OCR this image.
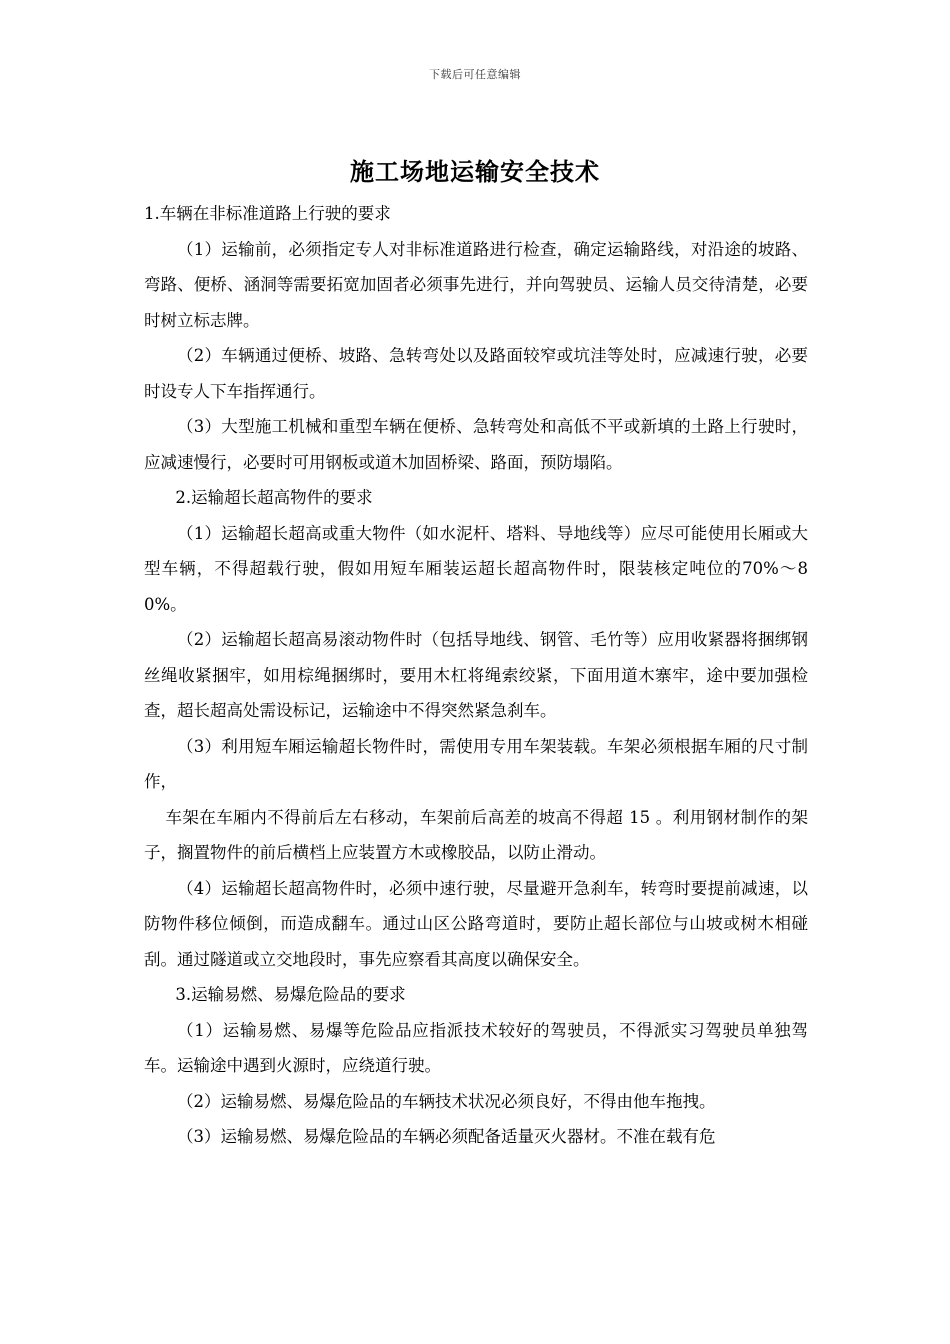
下载后可任意编辑
施工场地运输安全技术

1.车辆在非标准道路上行驶的要求

（1）运输前，必须指定专人对非标准道路进行检查，确定运输路线，对沿途的坡路、弯路、便桥、涵洞等需要拓宽加固者必须事先进行，并向驾驶员、运输人员交待清楚，必要时树立标志牌。

（2）车辆通过便桥、坡路、急转弯处以及路面较窄或坑洼等处时，应减速行驶，必要时设专人下车指挥通行。

（3）大型施工机械和重型车辆在便桥、急转弯处和高低不平或新填的土路上行驶时，应减速慢行，必要时可用钢板或道木加固桥梁、路面，预防塌陷。

2.运输超长超高物件的要求

（1）运输超长超高或重大物件（如水泥杆、塔料、导地线等）应尽可能使用长厢或大型车辆，不得超载行驶，假如用短车厢装运超长超高物件时，限装核定吨位的70%～80%。

（2）运输超长超高易滚动物件时（包括导地线、钢管、毛竹等）应用收紧器将捆绑钢丝绳收紧捆牢，如用棕绳捆绑时，要用木杠将绳索绞紧，下面用道木寨牢，途中要加强检查，超长超高处需设标记，运输途中不得突然紧急刹车。

（3）利用短车厢运输超长物件时，需使用专用车架装载。车架必须根据车厢的尺寸制作，

车架在车厢内不得前后左右移动，车架前后高差的坡高不得超 15 。利用钢材制作的架子，搁置物件的前后横档上应装置方木或橡胶品，以防止滑动。

（4）运输超长超高物件时，必须中速行驶，尽量避开急刹车，转弯时要提前减速，以防物件移位倾倒，而造成翻车。通过山区公路弯道时，要防止超长部位与山坡或树木相碰刮。通过隧道或立交地段时，事先应察看其高度以确保安全。

3.运输易燃、易爆危险品的要求

（1）运输易燃、易爆等危险品应指派技术较好的驾驶员，不得派实习驾驶员单独驾车。运输途中遇到火源时，应绕道行驶。

（2）运输易燃、易爆危险品的车辆技术状况必须良好，不得由他车拖拽。

（3）运输易燃、易爆危险品的车辆必须配备适量灭火器材。不准在载有危
